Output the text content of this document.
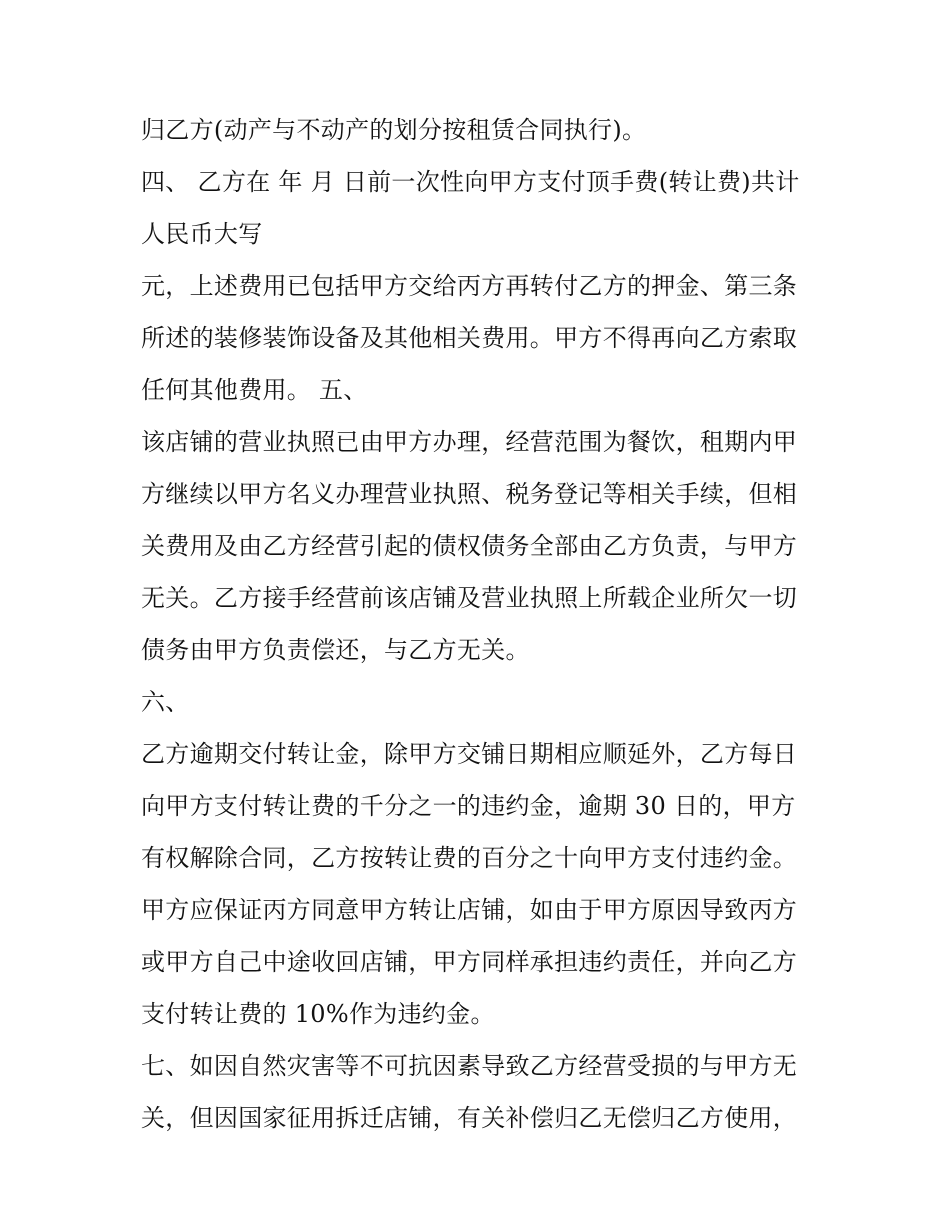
归乙方(动产与不动产的划分按租赁合同执行)。
四、 乙方在 年 月 日前一次性向甲方支付顶手费(转让费)共计
人民币大写
元，上述费用已包括甲方交给丙方再转付乙方的押金、第三条
所述的装修装饰设备及其他相关费用。甲方不得再向乙方索取
任何其他费用。 五、
该店铺的营业执照已由甲方办理，经营范围为餐饮，租期内甲
方继续以甲方名义办理营业执照、税务登记等相关手续，但相
关费用及由乙方经营引起的债权债务全部由乙方负责，与甲方
无关。乙方接手经营前该店铺及营业执照上所载企业所欠一切
债务由甲方负责偿还，与乙方无关。
六、
乙方逾期交付转让金，除甲方交铺日期相应顺延外，乙方每日
向甲方支付转让费的千分之一的违约金，逾期 30 日的，甲方
有权解除合同，乙方按转让费的百分之十向甲方支付违约金。
甲方应保证丙方同意甲方转让店铺，如由于甲方原因导致丙方
或甲方自己中途收回店铺，甲方同样承担违约责任，并向乙方
支付转让费的 10%作为违约金。
七、如因自然灾害等不可抗因素导致乙方经营受损的与甲方无
关，但因国家征用拆迁店铺，有关补偿归乙无偿归乙方使用，
